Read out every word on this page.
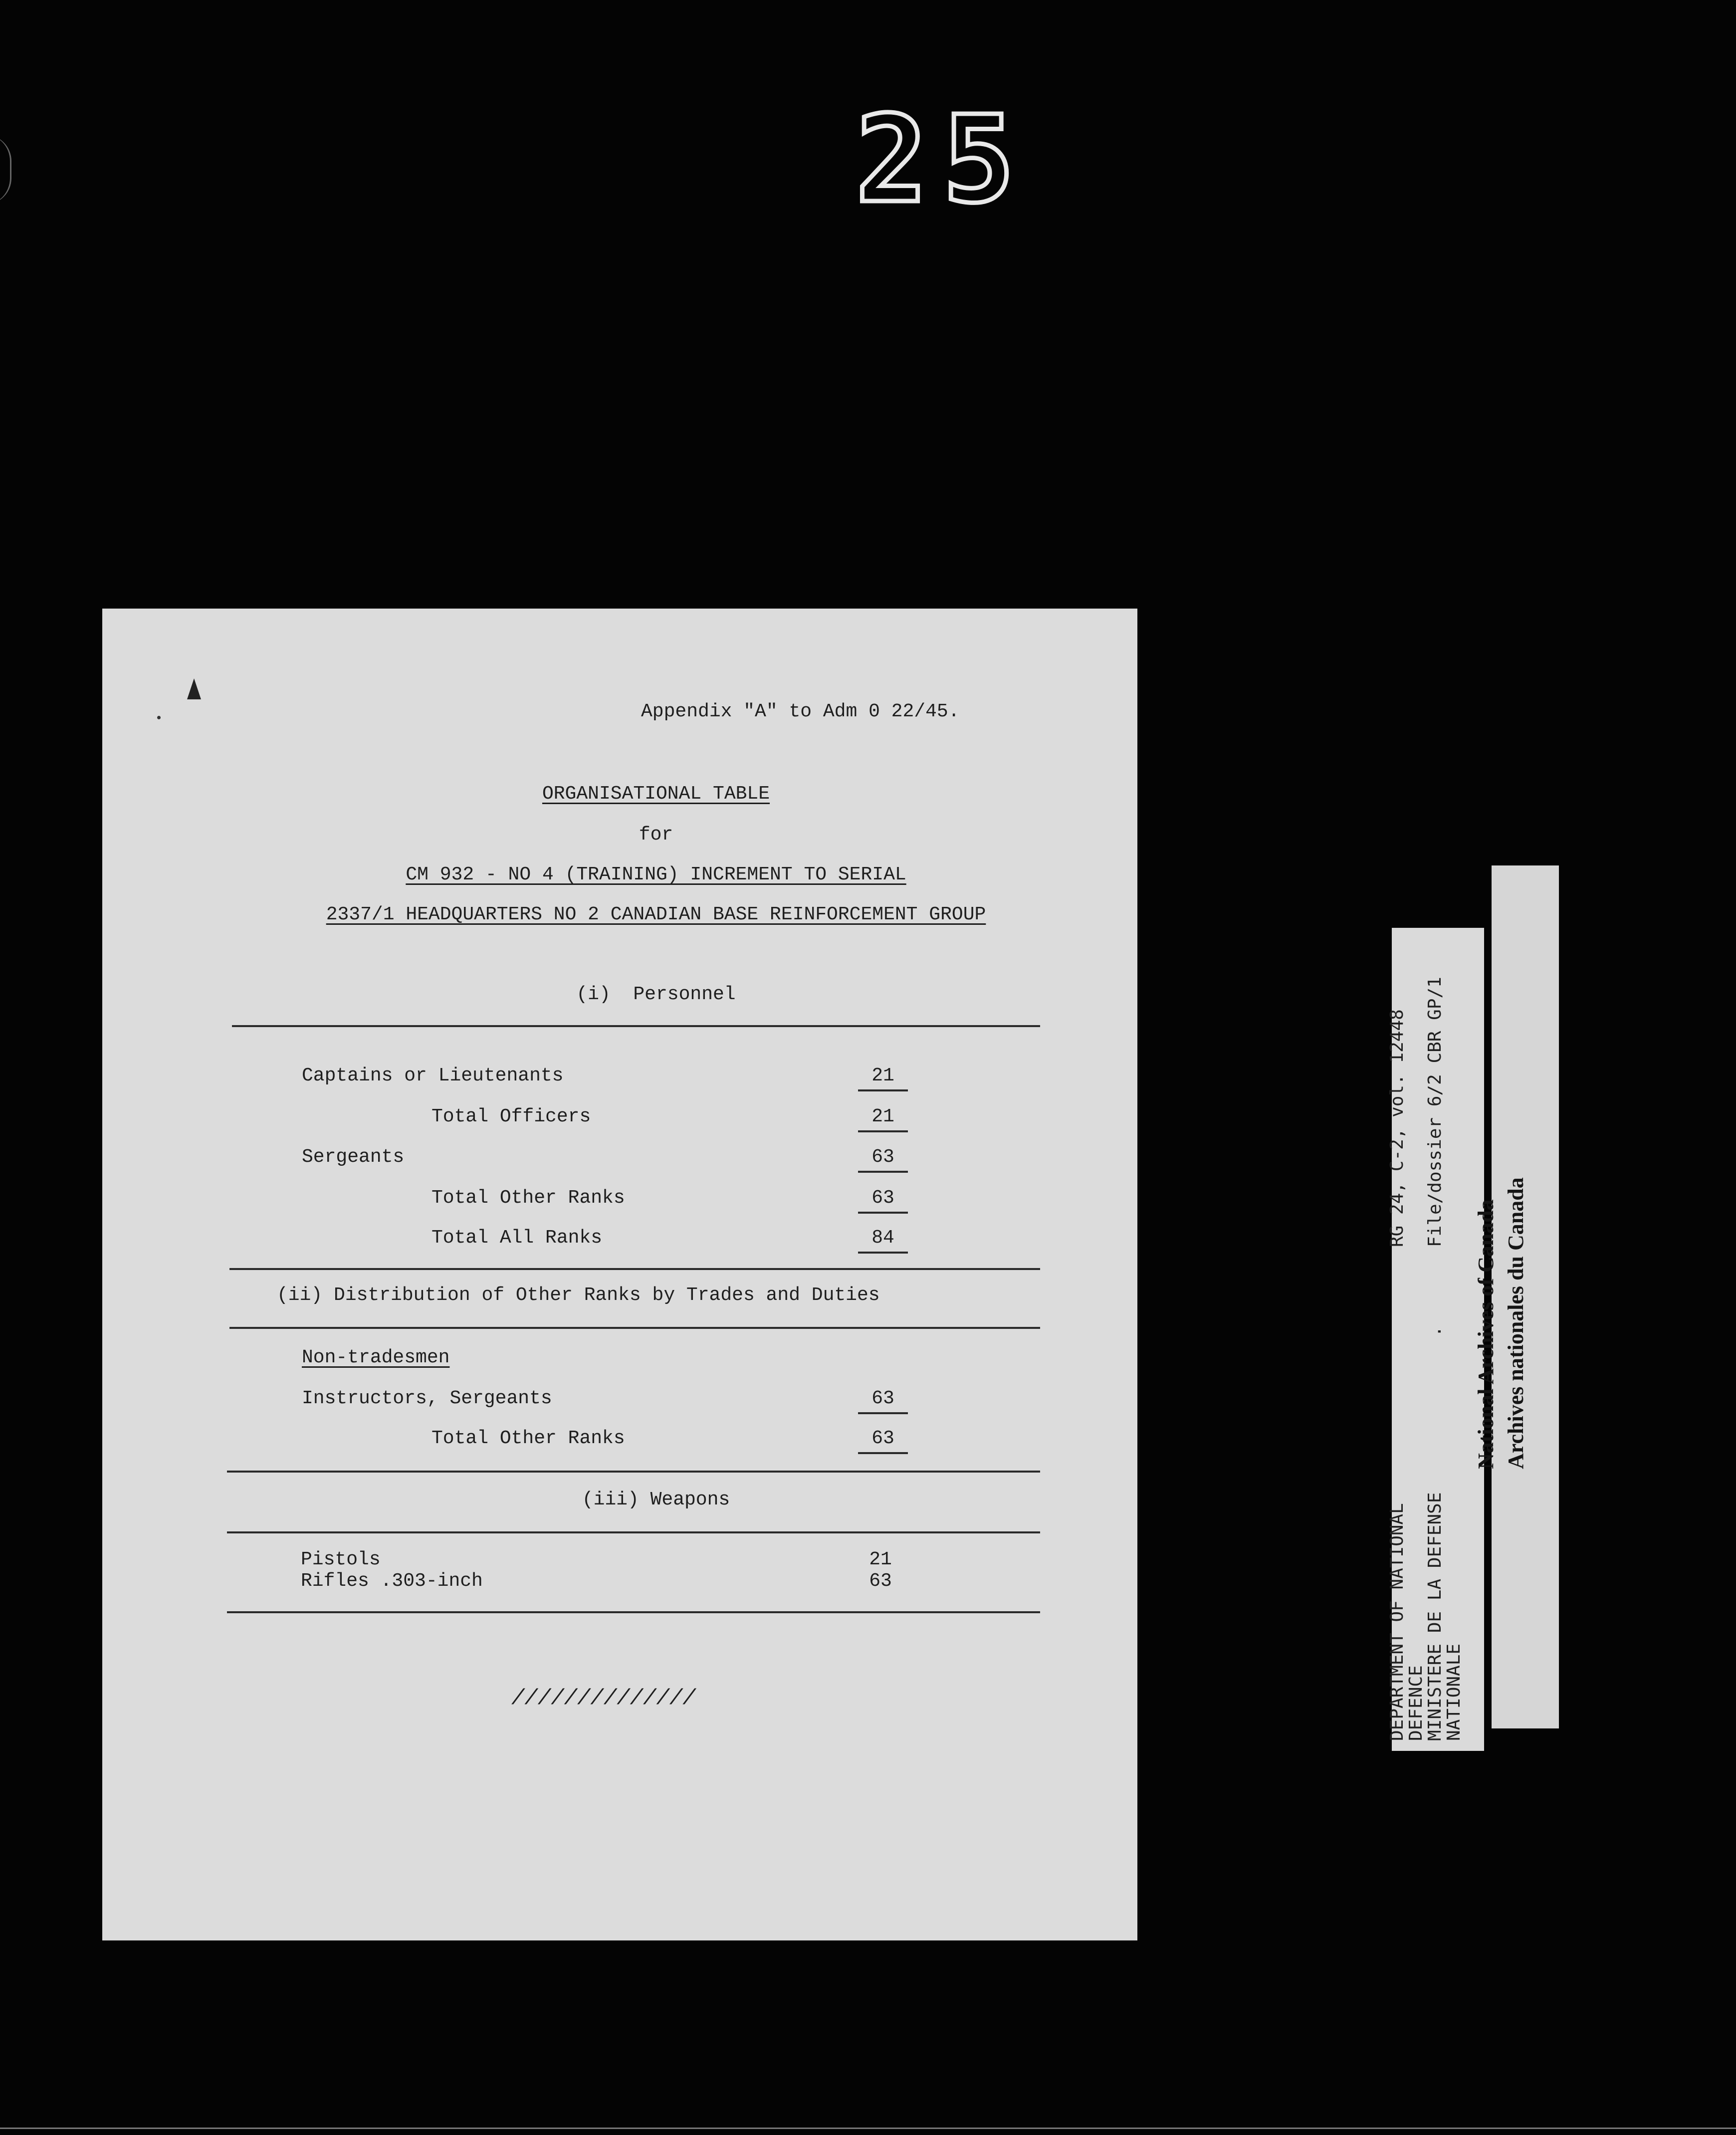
25
Appendix "A" to Adm 0 22/45.
ORGANISATIONAL TABLE
for
CM 932 - NO 4 (TRAINING) INCREMENT TO SERIAL
2337/1 HEADQUARTERS NO 2 CANADIAN BASE REINFORCEMENT GROUP
(i)  Personnel
Captains or Lieutenants	21
Total Officers	21
Sergeants	63
Total Other Ranks	63
Total All Ranks	84
(ii) Distribution of Other Ranks by Trades and Duties
Non-tradesmen
Instructors, Sergeants	63
Total Other Ranks	63
(iii) Weapons
Pistols	21
Rifles .303-inch	63
//////////////	DEPARTMENT OF NATIONAL
DEFENCE
MINISTERE DE LA DEFENSE
NATIONALE
RG 24, C-2, vol. 12448
.
File/dossier 6/2 CBR GP/1
National Archives of Canada Archives nationales du Canada
